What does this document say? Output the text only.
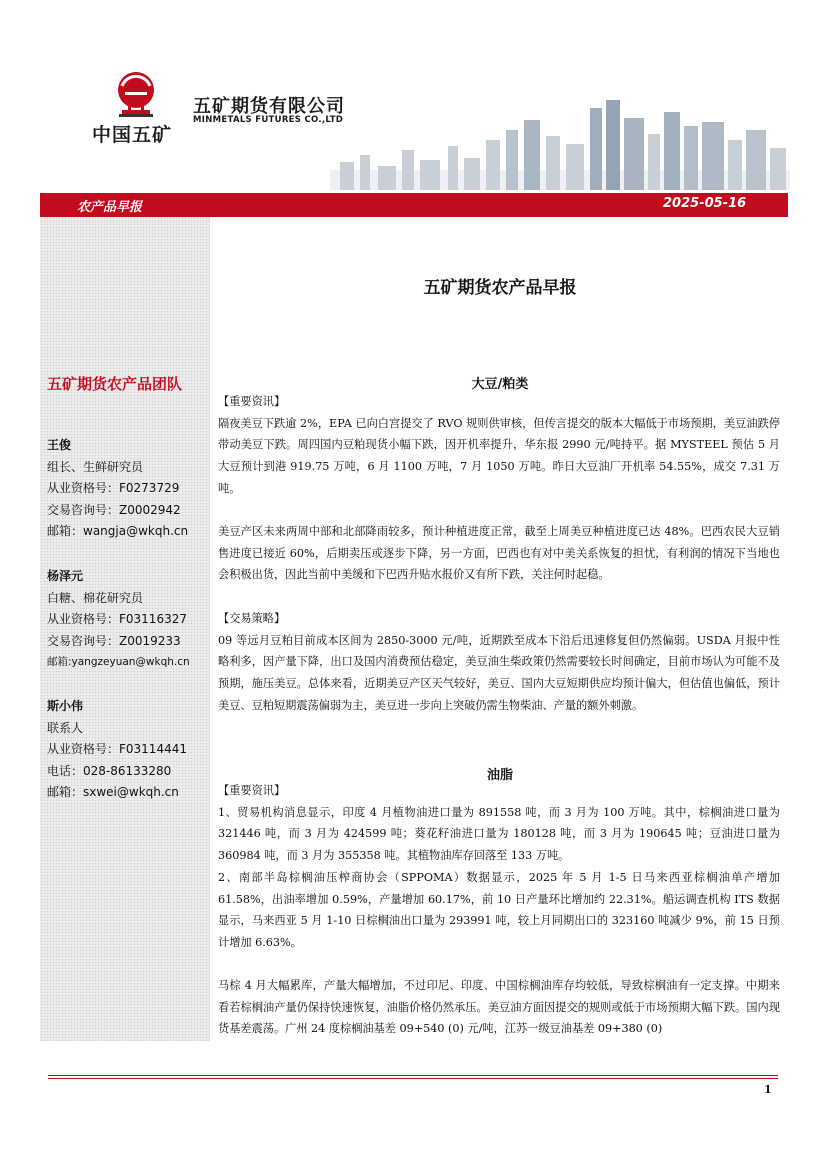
中国五矿
五矿期货有限公司
MINMETALS FUTURES CO.,LTD
农产品早报	2025-05-16
五矿期货农产品团队
王俊
组长、生鲜研究员
从业资格号：F0273729
交易咨询号：Z0002942
邮箱：wangja@wkqh.cn
杨泽元
白糖、棉花研究员
从业资格号：F03116327
交易咨询号：Z0019233
邮箱:yangzeyuan@wkqh.cn
斯小伟
联系人
从业资格号：F03114441
电话：028-86133280
邮箱：sxwei@wkqh.cn
五矿期货农产品早报
大豆/粕类
【重要资讯】

隔夜美豆下跌逾 2%，EPA 已向白宫提交了 RVO 规则供审核，但传言提交的版本大幅低于市场预期，美豆油跌停带动美豆下跌。周四国内豆粕现货小幅下跌，因开机率提升，华东报 2990 元/吨持平。据 MYSTEEL 预估 5 月大豆预计到港 919.75 万吨，6 月 1100 万吨，7 月 1050 万吨。昨日大豆油厂开机率 54.55%，成交 7.31 万吨。

美豆产区未来两周中部和北部降雨较多，预计种植进度正常，截至上周美豆种植进度已达 48%。巴西农民大豆销售进度已接近 60%，后期卖压或逐步下降，另一方面，巴西也有对中美关系恢复的担忧，有利润的情况下当地也会积极出货，因此当前中美缓和下巴西升贴水报价又有所下跌，关注何时起稳。

【交易策略】

09 等远月豆粕目前成本区间为 2850-3000 元/吨，近期跌至成本下沿后迅速修复但仍然偏弱。USDA 月报中性略利多，因产量下降，出口及国内消费预估稳定，美豆油生柴政策仍然需要较长时间确定，目前市场认为可能不及预期，施压美豆。总体来看，近期美豆产区天气较好，美豆、国内大豆短期供应均预计偏大，但估值也偏低，预计美豆、豆粕短期震荡偏弱为主，美豆进一步向上突破仍需生物柴油、产量的额外刺激。

油脂
【重要资讯】

1、贸易机构消息显示，印度 4 月植物油进口量为 891558 吨，而 3 月为 100 万吨。其中，棕榈油进口量为 321446 吨，而 3 月为 424599 吨；葵花籽油进口量为 180128 吨，而 3 月为 190645 吨；豆油进口量为 360984 吨，而 3 月为 355358 吨。其植物油库存回落至 133 万吨。

2、南部半岛棕榈油压榨商协会（SPPOMA）数据显示，2025 年 5 月 1-5 日马来西亚棕榈油单产增加 61.58%，出油率增加 0.59%，产量增加 60.17%，前 10 日产量环比增加约 22.31%。船运调查机构 ITS 数据显示，马来西亚 5 月 1-10 日棕榈油出口量为 293991 吨，较上月同期出口的 323160 吨减少 9%，前 15 日预计增加 6.63%。

马棕 4 月大幅累库，产量大幅增加，不过印尼、印度、中国棕榈油库存均较低，导致棕榈油有一定支撑。中期来看若棕榈油产量仍保持快速恢复，油脂价格仍然承压。美豆油方面因提交的规则或低于市场预期大幅下跌。国内现货基差震荡。广州 24 度棕榈油基差 09+540 (0) 元/吨，江苏一级豆油基差 09+380 (0)

1
